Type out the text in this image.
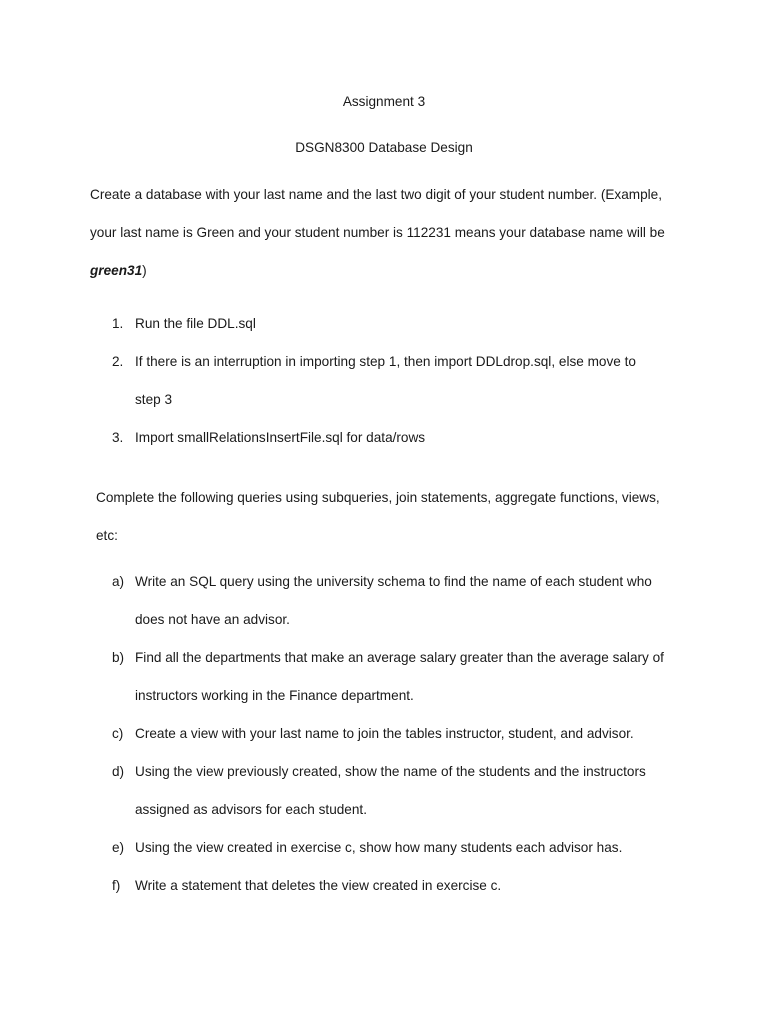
Assignment 3
DSGN8300 Database Design
Create a database with your last name and the last two digit of your student number. (Example,
your last name is Green and your student number is 112231 means your database name will be
green31)
1. Run the file DDL.sql
2. If there is an interruption in importing step 1, then import DDLdrop.sql, else move to
step 3
3. Import smallRelationsInsertFile.sql for data/rows
Complete the following queries using subqueries, join statements, aggregate functions, views,
etc:
a) Write an SQL query using the university schema to find the name of each student who
does not have an advisor.
b) Find all the departments that make an average salary greater than the average salary of
instructors working in the Finance department.
c) Create a view with your last name to join the tables instructor, student, and advisor.
d) Using the view previously created, show the name of the students and the instructors
assigned as advisors for each student.
e) Using the view created in exercise c, show how many students each advisor has.
f)	Write a statement that deletes the view created in exercise c.
